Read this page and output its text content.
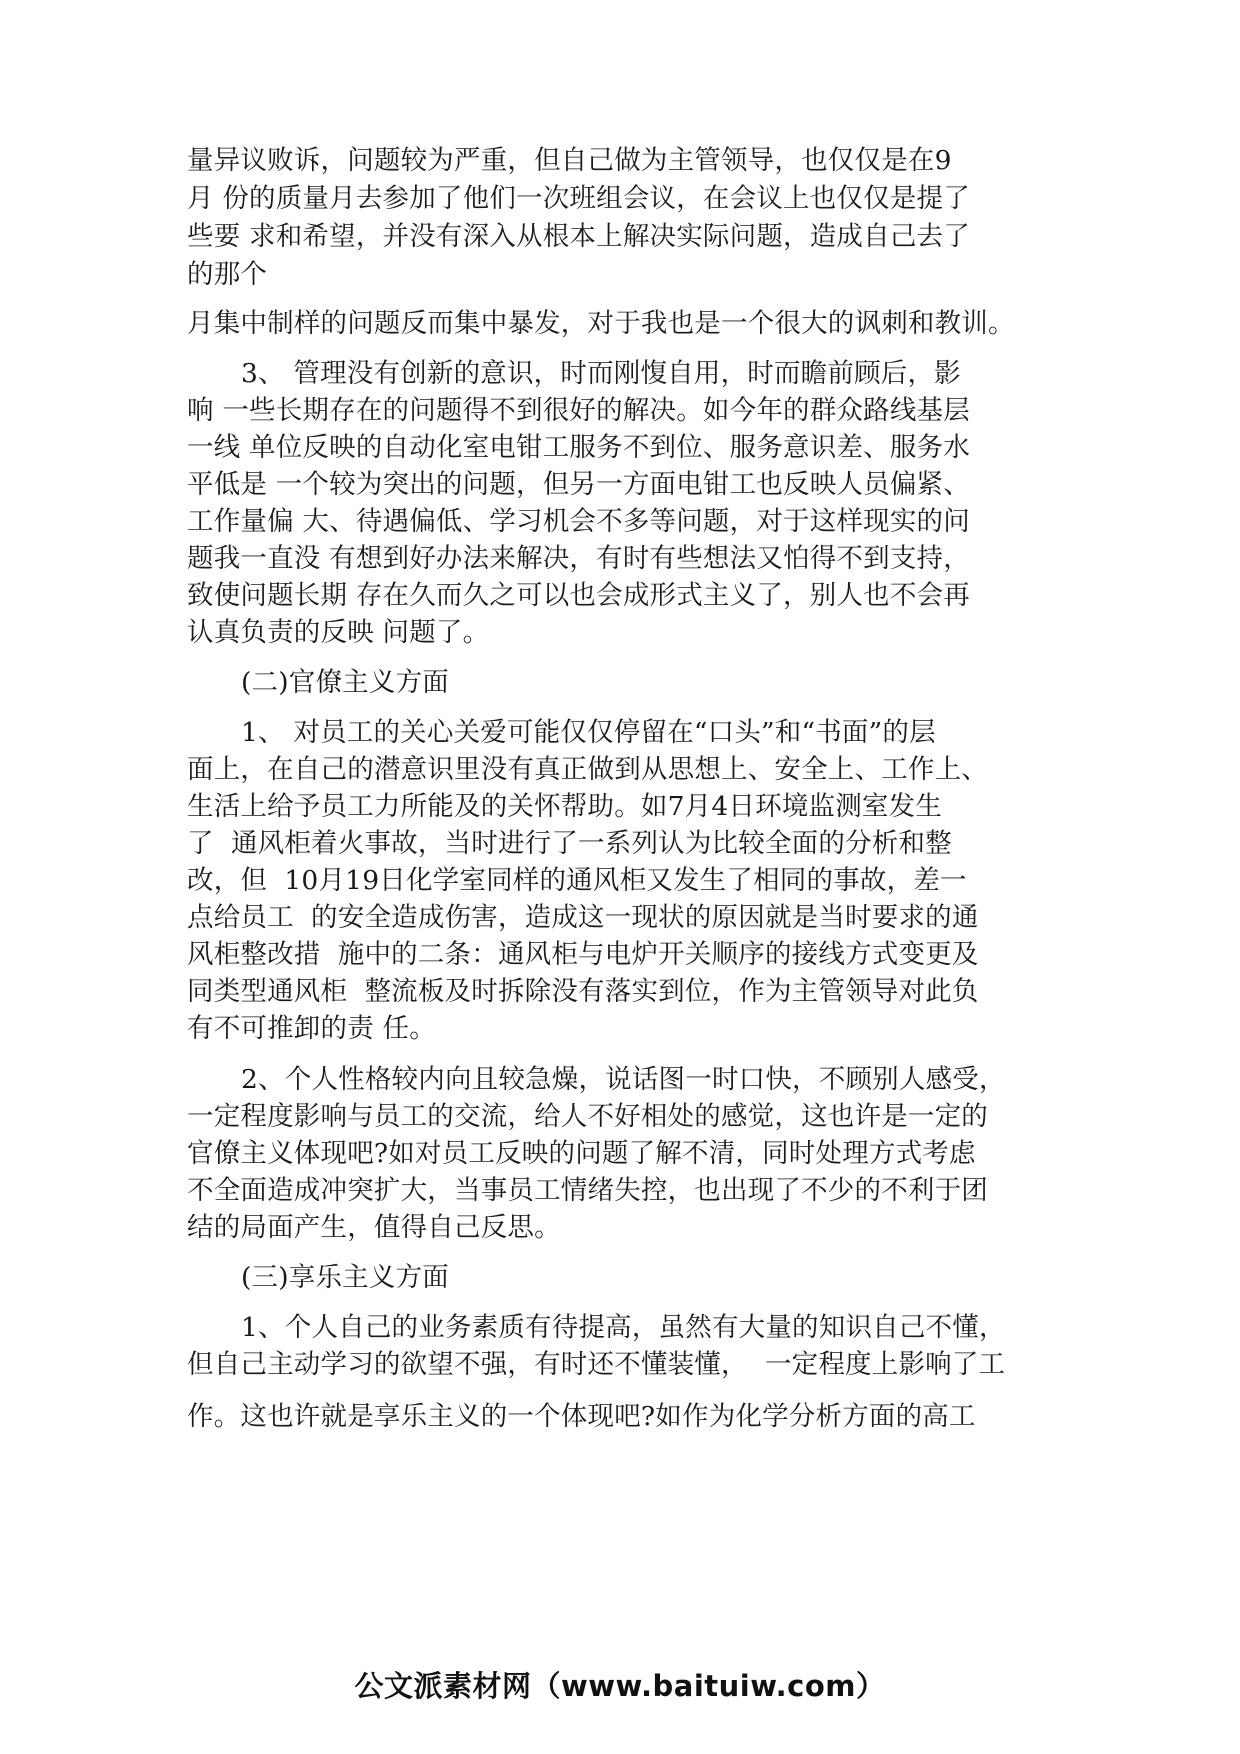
量异议败诉，问题较为严重，但自己做为主管领导，也仅仅是在9
月 份的质量月去参加了他们一次班组会议，在会议上也仅仅是提了
些要 求和希望，并没有深入从根本上解决实际问题，造成自己去了
的那个
月集中制样的问题反而集中暴发，对于我也是一个很大的讽刺和教训。
3、 管理没有创新的意识，时而刚愎自用，时而瞻前顾后，影
响 一些长期存在的问题得不到很好的解决。如今年的群众路线基层
一线 单位反映的自动化室电钳工服务不到位、服务意识差、服务水
平低是 一个较为突出的问题，但另一方面电钳工也反映人员偏紧、
工作量偏 大、待遇偏低、学习机会不多等问题，对于这样现实的问
题我一直没 有想到好办法来解决，有时有些想法又怕得不到支持，
致使问题长期 存在久而久之可以也会成形式主义了，别人也不会再
认真负责的反映 问题了。
(二)官僚主义方面
1、 对员工的关心关爱可能仅仅停留在“口头”和“书面”的层
面上，在自己的潜意识里没有真正做到从思想上、安全上、工作上、
生活上给予员工力所能及的关怀帮助。如7月4日环境监测室发生
了  通风柜着火事故，当时进行了一系列认为比较全面的分析和整
改，但  10月19日化学室同样的通风柜又发生了相同的事故，差一
点给员工  的安全造成伤害，造成这一现状的原因就是当时要求的通
风柜整改措  施中的二条：通风柜与电炉开关顺序的接线方式变更及
同类型通风柜  整流板及时拆除没有落实到位，作为主管领导对此负
有不可推卸的责 任。
2、个人性格较内向且较急燥，说话图一时口快，不顾别人感受，
一定程度影响与员工的交流，给人不好相处的感觉，这也许是一定的
官僚主义体现吧?如对员工反映的问题了解不清，同时处理方式考虑
不全面造成冲突扩大，当事员工情绪失控，也出现了不少的不利于团
结的局面产生，值得自己反思。
(三)享乐主义方面
1、个人自己的业务素质有待提高，虽然有大量的知识自己不懂，
但自己主动学习的欲望不强，有时还不懂装懂，  一定程度上影响了工
作。这也许就是享乐主义的一个体现吧?如作为化学分析方面的高工
公文派素材网（www.baituiw.com）
